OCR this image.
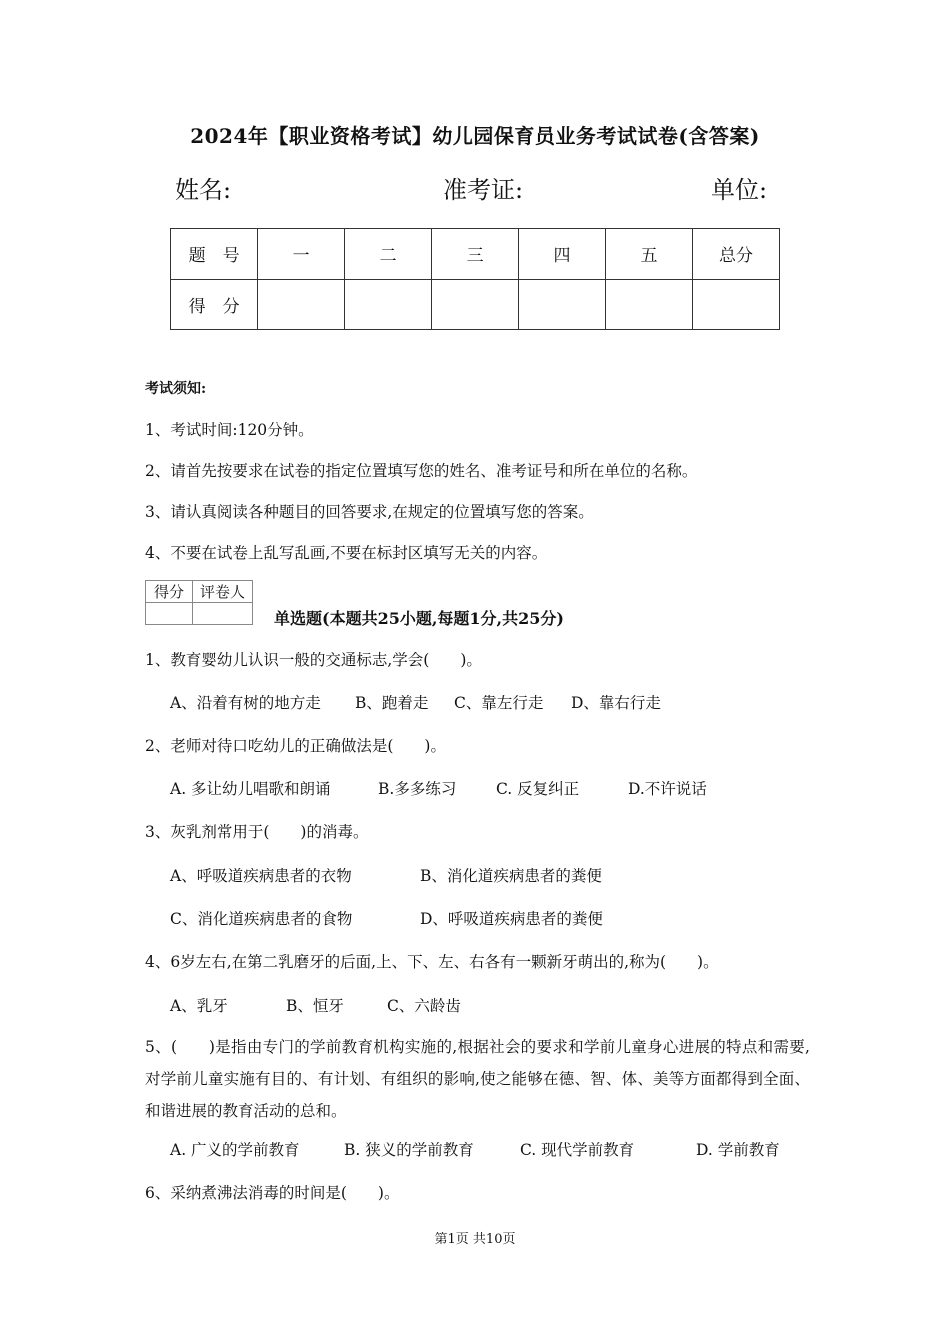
2024年【职业资格考试】幼儿园保育员业务考试试卷(含答案)
姓名:	准考证:	单位:
题　号	一	二	三	四	五	总分
得　分						
考试须知:
1、考试时间:120分钟。
2、请首先按要求在试卷的指定位置填写您的姓名、准考证号和所在单位的名称。
3、请认真阅读各种题目的回答要求,在规定的位置填写您的答案。
4、不要在试卷上乱写乱画,不要在标封区填写无关的内容。
得分	评卷人

单选题(本题共25小题,每题1分,共25分)
1、教育婴幼儿认识一般的交通标志,学会(　　)。
A、沿着有树的地方走 B、跑着走 C、靠左行走 D、靠右行走
2、老师对待口吃幼儿的正确做法是(　　)。
A. 多让幼儿唱歌和朗诵	B.多多练习	C. 反复纠正	D.不许说话
3、灰乳剂常用于(　　)的消毒。
A、呼吸道疾病患者的衣物	B、消化道疾病患者的粪便
C、消化道疾病患者的食物	D、呼吸道疾病患者的粪便
4、6岁左右,在第二乳磨牙的后面,上、下、左、右各有一颗新牙萌出的,称为(　　)。
A、乳牙	B、恒牙	C、六龄齿
5、(　　)是指由专门的学前教育机构实施的,根据社会的要求和学前儿童身心进展的特点和需要,对学前儿童实施有目的、有计划、有组织的影响,使之能够在德、智、体、美等方面都得到全面、和谐进展的教育活动的总和。
A. 广义的学前教育	B. 狭义的学前教育	C. 现代学前教育	D. 学前教育
6、采纳煮沸法消毒的时间是(　　)。
第1页 共10页
